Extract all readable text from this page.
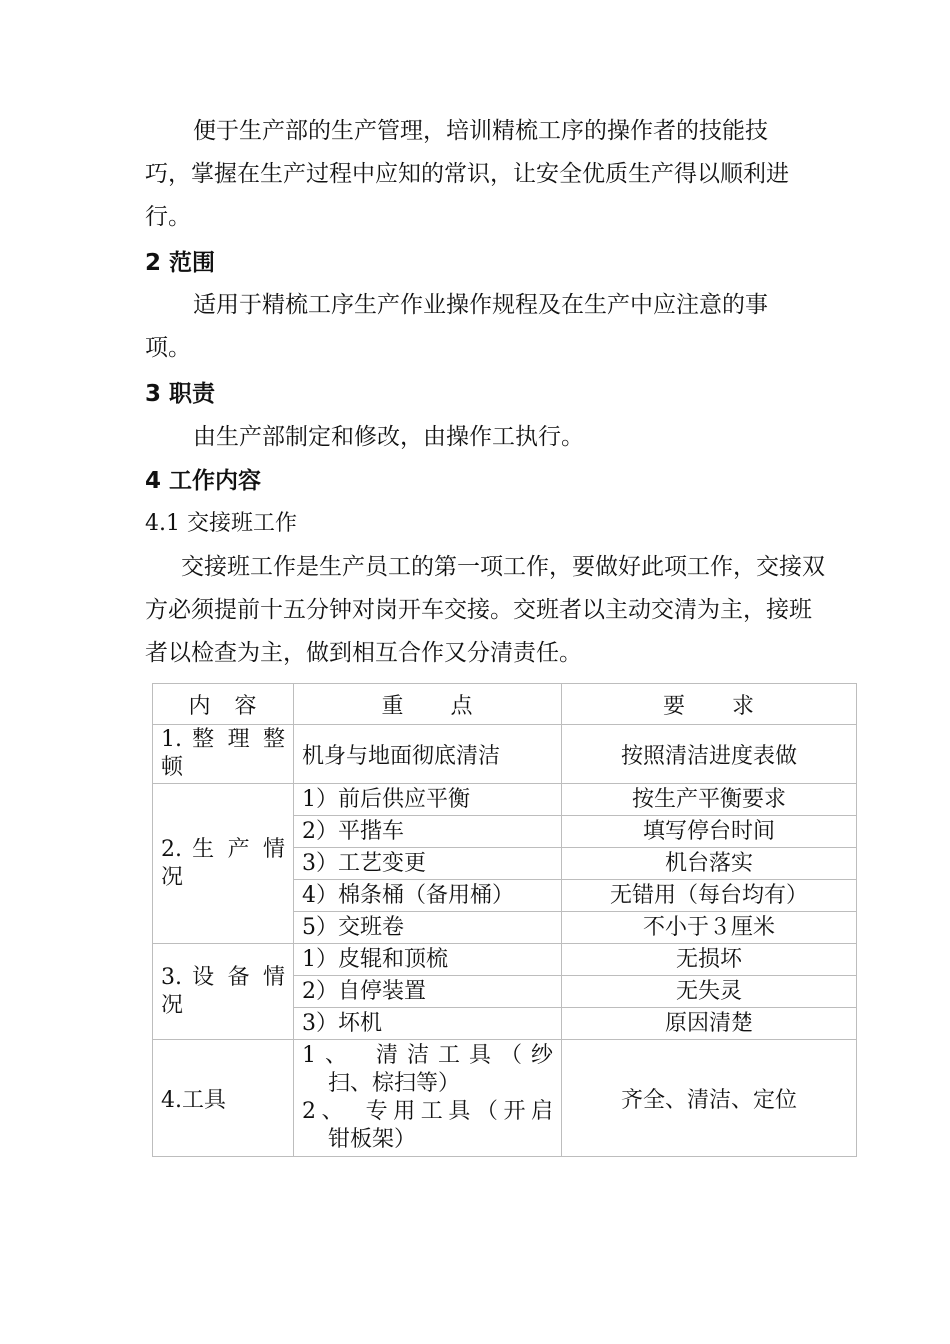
便于生产部的生产管理，培训精梳工序的操作者的技能技巧，掌握在生产过程中应知的常识，让安全优质生产得以顺利进行。

2 范围

适用于精梳工序生产作业操作规程及在生产中应注意的事项。

3 职责

由生产部制定和修改，由操作工执行。

4 工作内容

4.1 交接班工作

交接班工作是生产员工的第一项工作，要做好此项工作，交接双方必须提前十五分钟对岗开车交接。交班者以主动交清为主，接班者以检查为主，做到相互合作又分清责任。

内　容	重　　点	要　　求
1. 整 理 整 顿	机身与地面彻底清洁	按照清洁进度表做
2. 生 产 情 况	1）前后供应平衡	按生产平衡要求
	2）平揩车	填写停台时间
	3）工艺变更	机台落实
	4）棉条桶（备用桶）	无错用（每台均有）
	5）交班卷	不小于３厘米
3. 设 备 情 况	1）皮辊和顶梳	无损坏
	2）自停装置	无失灵
	3）坏机	原因清楚
4.工具	1、　清洁工具（纱
扫、棕扫等）
2、　专用工具（开启
钳板架）	齐全、清洁、定位
